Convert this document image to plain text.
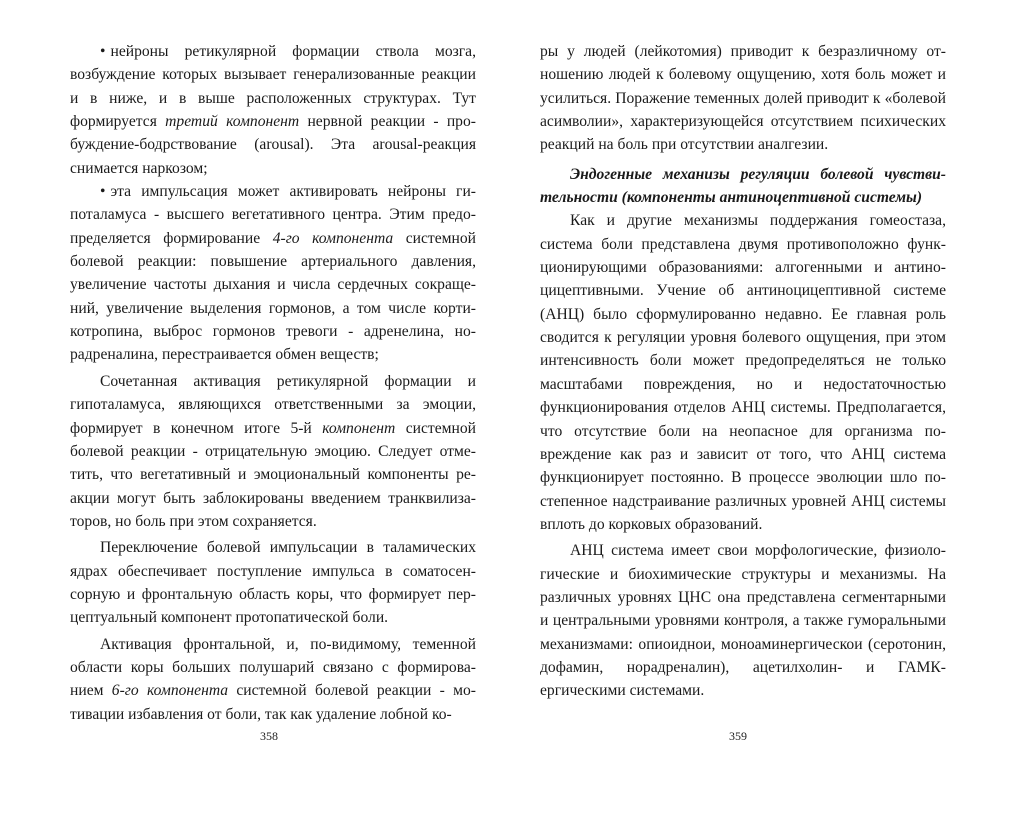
• нейроны ретикулярной формации ствола мозга, возбуждение которых вызывает генерализованные реакции и в ниже, и в выше расположенных структурах. Тут формируется третий компонент нервной реакции - пробуждение-бодрствование (arousal). Эта arousal-реакция снимается наркозом;

• эта импульсация может активировать нейроны гипоталамуса - высшего вегетативного центра. Этим предопределяется формирование 4-го компонента системной болевой реакции: повышение артериального давления, увеличение частоты дыхания и числа сердечных сокращений, увеличение выделения гормонов, а том числе кортикотропина, выброс гормонов тревоги - адренелина, норадреналина, перестраивается обмен веществ;

Сочетанная активация ретикулярной формации и гипоталамуса, являющихся ответственными за эмоции, формирует в конечном итоге 5-й компонент системной болевой реакции - отрицательную эмоцию. Следует отметить, что вегетативный и эмоциональный компоненты реакции могут быть заблокированы введением транквилизаторов, но боль при этом сохраняется.

Переключение болевой импульсации в таламических ядрах обеспечивает поступление импульса в соматосенсорную и фронтальную область коры, что формирует перцептуальный компонент протопатической боли.

Активация фронтальной, и, по-видимому, теменной области коры больших полушарий связано с формированием 6-го компонента системной болевой реакции - мотивации избавления от боли, так как удаление лобной ко-

358

ры у людей (лейкотомия) приводит к безразличному отношению людей к болевому ощущению, хотя боль может и усилиться. Поражение теменных долей приводит к «болевой асимволии», характеризующейся отсутствием психических реакций на боль при отсутствии аналгезии.

Эндогенные механизы регуляции болевой чувствительности (компоненты антиноцептивной системы)

Как и другие механизмы поддержания гомеостаза, система боли представлена двумя противоположно функционирующими образованиями: алгогенными и антиноцицептивными. Учение об антиноцицептивной системе (АНЦ) было сформулированно недавно. Ее главная роль сводится к регуляции уровня болевого ощущения, при этом интенсивность боли может предопределяться не только масштабами повреждения, но и недостаточностью функционирования отделов АНЦ системы. Предполагается, что отсутствие боли на неопасное для организма повреждение как раз и зависит от того, что АНЦ система функционирует постоянно. В процессе эволюции шло постепенное надстраивание различных уровней АНЦ системы вплоть до корковых образований.

АНЦ система имеет свои морфологические, физиологические и биохимические структуры и механизмы. На различных уровнях ЦНС она представлена сегментарными и центральными уровнями контроля, а также гуморальными механизмами: опиоиднои, моноаминергическои (серотонин, дофамин, норадреналин), ацетилхолин- и ГАМК-ергическими системами.

359
